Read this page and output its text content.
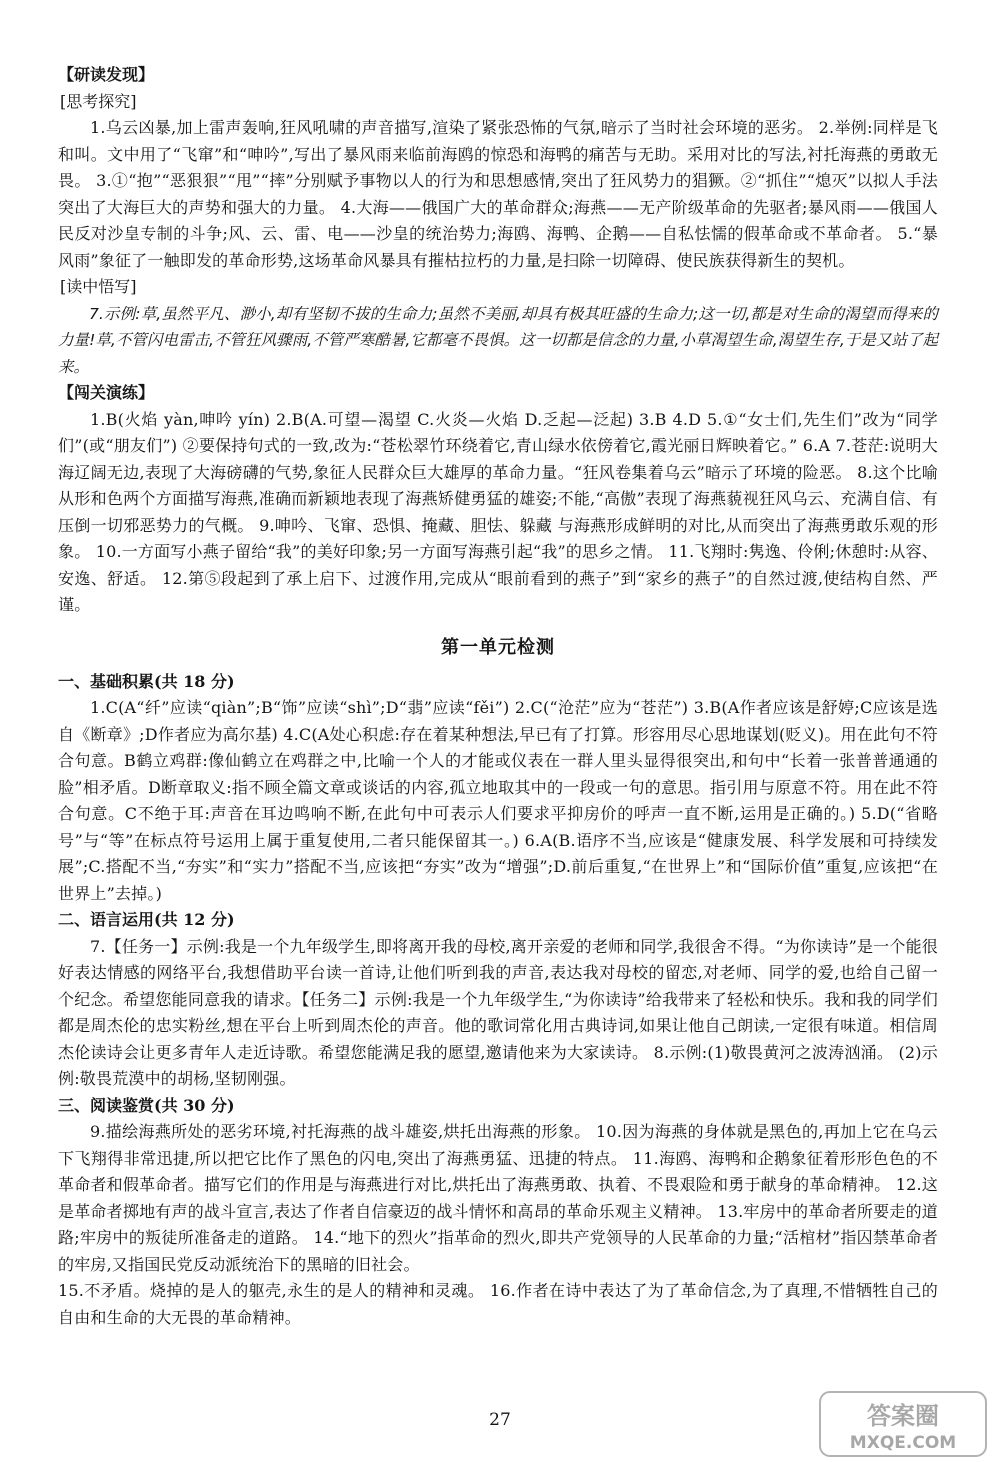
【研读发现】

[思考探究]

1.乌云凶暴,加上雷声轰响,狂风吼啸的声音描写,渲染了紧张恐怖的气氛,暗示了当时社会环境的恶劣。 2.举例:同样是飞和叫。文中用了“飞窜”和“呻吟”,写出了暴风雨来临前海鸥的惊恐和海鸭的痛苦与无助。采用对比的写法,衬托海燕的勇敢无畏。 3.①“抱”“恶狠狠”“甩”“摔”分别赋予事物以人的行为和思想感情,突出了狂风势力的猖獗。②“抓住”“熄灭”以拟人手法突出了大海巨大的声势和强大的力量。 4.大海——俄国广大的革命群众;海燕——无产阶级革命的先驱者;暴风雨——俄国人民反对沙皇专制的斗争;风、云、雷、电——沙皇的统治势力;海鸥、海鸭、企鹅——自私怯懦的假革命或不革命者。 5.“暴风雨”象征了一触即发的革命形势,这场革命风暴具有摧枯拉朽的力量,是扫除一切障碍、使民族获得新生的契机。

[读中悟写]

7.示例:草,虽然平凡、渺小,却有坚韧不拔的生命力;虽然不美丽,却具有极其旺盛的生命力;这一切,都是对生命的渴望而得来的力量!草,不管闪电雷击,不管狂风骤雨,不管严寒酷暑,它都毫不畏惧。这一切都是信念的力量,小草渴望生命,渴望生存,于是又站了起来。

【闯关演练】

1.B(火焰 yàn,呻吟 yín) 2.B(A.可望—渴望 C.火炎—火焰 D.乏起—泛起) 3.B 4.D 5.①“女士们,先生们”改为“同学们”(或“朋友们”) ②要保持句式的一致,改为:“苍松翠竹环绕着它,青山绿水依傍着它,霞光丽日辉映着它。” 6.A 7.苍茫:说明大海辽阔无边,表现了大海磅礴的气势,象征人民群众巨大雄厚的革命力量。“狂风卷集着乌云”暗示了环境的险恶。 8.这个比喻从形和色两个方面描写海燕,准确而新颖地表现了海燕矫健勇猛的雄姿;不能,“高傲”表现了海燕藐视狂风乌云、充满自信、有压倒一切邪恶势力的气概。 9.呻吟、飞窜、恐惧、掩藏、胆怯、躲藏 与海燕形成鲜明的对比,从而突出了海燕勇敢乐观的形象。 10.一方面写小燕子留给“我”的美好印象;另一方面写海燕引起“我”的思乡之情。 11.飞翔时:隽逸、伶俐;休憩时:从容、安逸、舒适。 12.第⑤段起到了承上启下、过渡作用,完成从“眼前看到的燕子”到“家乡的燕子”的自然过渡,使结构自然、严谨。

第一单元检测

一、基础积累(共 18 分)

1.C(A“纤”应读“qiàn”;B“饰”应读“shì”;D“翡”应读“fěi”) 2.C(“沧茫”应为“苍茫”) 3.B(A作者应该是舒婷;C应该是选自《断章》;D作者应为高尔基) 4.C(A处心积虑:存在着某种想法,早已有了打算。形容用尽心思地谋划(贬义)。用在此句不符合句意。B鹤立鸡群:像仙鹤立在鸡群之中,比喻一个人的才能或仪表在一群人里头显得很突出,和句中“长着一张普普通通的脸”相矛盾。D断章取义:指不顾全篇文章或谈话的内容,孤立地取其中的一段或一句的意思。指引用与原意不符。用在此不符合句意。C不绝于耳:声音在耳边鸣响不断,在此句中可表示人们要求平抑房价的呼声一直不断,运用是正确的。) 5.D(“省略号”与“等”在标点符号运用上属于重复使用,二者只能保留其一。) 6.A(B.语序不当,应该是“健康发展、科学发展和可持续发展”;C.搭配不当,“夯实”和“实力”搭配不当,应该把“夯实”改为“增强”;D.前后重复,“在世界上”和“国际价值”重复,应该把“在世界上”去掉。)

二、语言运用(共 12 分)

7.【任务一】示例:我是一个九年级学生,即将离开我的母校,离开亲爱的老师和同学,我很舍不得。“为你读诗”是一个能很好表达情感的网络平台,我想借助平台读一首诗,让他们听到我的声音,表达我对母校的留恋,对老师、同学的爱,也给自己留一个纪念。希望您能同意我的请求。【任务二】示例:我是一个九年级学生,“为你读诗”给我带来了轻松和快乐。我和我的同学们都是周杰伦的忠实粉丝,想在平台上听到周杰伦的声音。他的歌词常化用古典诗词,如果让他自己朗读,一定很有味道。相信周杰伦读诗会让更多青年人走近诗歌。希望您能满足我的愿望,邀请他来为大家读诗。 8.示例:(1)敬畏黄河之波涛汹涌。 (2)示例:敬畏荒漠中的胡杨,坚韧刚强。

三、阅读鉴赏(共 30 分)

9.描绘海燕所处的恶劣环境,衬托海燕的战斗雄姿,烘托出海燕的形象。 10.因为海燕的身体就是黑色的,再加上它在乌云下飞翔得非常迅捷,所以把它比作了黑色的闪电,突出了海燕勇猛、迅捷的特点。 11.海鸥、海鸭和企鹅象征着形形色色的不革命者和假革命者。描写它们的作用是与海燕进行对比,烘托出了海燕勇敢、执着、不畏艰险和勇于献身的革命精神。 12.这是革命者掷地有声的战斗宣言,表达了作者自信豪迈的战斗情怀和高昂的革命乐观主义精神。 13.牢房中的革命者所要走的道路;牢房中的叛徒所准备走的道路。 14.“地下的烈火”指革命的烈火,即共产党领导的人民革命的力量;“活棺材”指囚禁革命者的牢房,又指国民党反动派统治下的黑暗的旧社会。

15.不矛盾。烧掉的是人的躯壳,永生的是人的精神和灵魂。 16.作者在诗中表达了为了革命信念,为了真理,不惜牺牲自己的自由和生命的大无畏的革命精神。

27	答案圈
MXQE.COM
